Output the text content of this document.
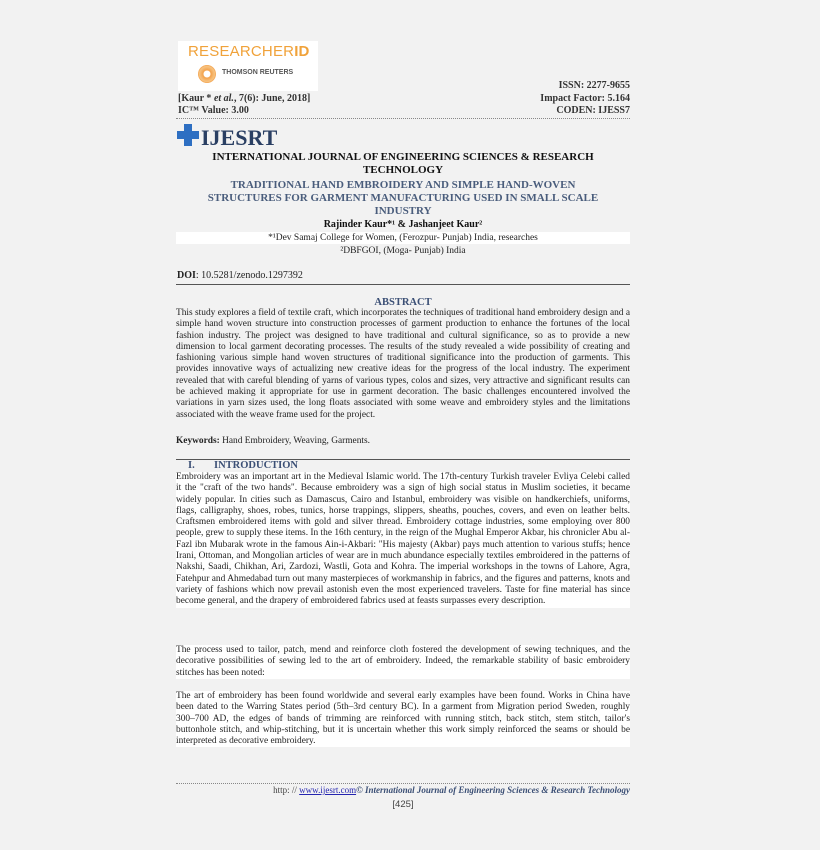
RESEARCHERID
THOMSON REUTERS
ISSN: 2277-9655
[Kaur * et al., 7(6): June, 2018]	Impact Factor: 5.164
IC™ Value: 3.00	CODEN: IJESS7
IJESRT
INTERNATIONAL JOURNAL OF ENGINEERING SCIENCES & RESEARCH
TECHNOLOGY
TRADITIONAL HAND EMBROIDERY AND SIMPLE HAND-WOVEN
STRUCTURES FOR GARMENT MANUFACTURING USED IN SMALL SCALE
INDUSTRY
Rajinder Kaur*¹ & Jashanjeet Kaur²
*¹Dev Samaj College for Women, (Ferozpur- Punjab) India, researches
²DBFGOI, (Moga- Punjab) India
DOI: 10.5281/zenodo.1297392
ABSTRACT
This study explores a field of textile craft, which incorporates the techniques of traditional hand embroidery design and a simple hand woven structure into construction processes of garment production to enhance the fortunes of the local fashion industry. The project was designed to have traditional and cultural significance, so as to provide a new dimension to local garment decorating processes. The results of the study revealed a wide possibility of creating and fashioning various simple hand woven structures of traditional significance into the production of garments. This provides innovative ways of actualizing new creative ideas for the progress of the local industry. The experiment revealed that with careful blending of yarns of various types, colos and sizes, very attractive and significant results can be achieved making it appropriate for use in garment decoration. The basic challenges encountered involved the variations in yarn sizes used, the long floats associated with some weave and embroidery styles and the limitations associated with the weave frame used for the project.
Keywords: Hand Embroidery, Weaving, Garments.
I. INTRODUCTION
Embroidery was an important art in the Medieval Islamic world. The 17th-century Turkish traveler Evliya Celebi called it the "craft of the two hands". Because embroidery was a sign of high social status in Muslim societies, it became widely popular. In cities such as Damascus, Cairo and Istanbul, embroidery was visible on handkerchiefs, uniforms, flags, calligraphy, shoes, robes, tunics, horse trappings, slippers, sheaths, pouches, covers, and even on leather belts. Craftsmen embroidered items with gold and silver thread. Embroidery cottage industries, some employing over 800 people, grew to supply these items. In the 16th century, in the reign of the Mughal Emperor Akbar, his chronicler Abu al-Fazl ibn Mubarak wrote in the famous Ain-i-Akbari: "His majesty (Akbar) pays much attention to various stuffs; hence Irani, Ottoman, and Mongolian articles of wear are in much abundance especially textiles embroidered in the patterns of Nakshi, Saadi, Chikhan, Ari, Zardozi, Wastli, Gota and Kohra. The imperial workshops in the towns of Lahore, Agra, Fatehpur and Ahmedabad turn out many masterpieces of workmanship in fabrics, and the figures and patterns, knots and variety of fashions which now prevail astonish even the most experienced travelers. Taste for fine material has since become general, and the drapery of embroidered fabrics used at feasts surpasses every description.
The process used to tailor, patch, mend and reinforce cloth fostered the development of sewing techniques, and the decorative possibilities of sewing led to the art of embroidery. Indeed, the remarkable stability of basic embroidery stitches has been noted:
The art of embroidery has been found worldwide and several early examples have been found. Works in China have been dated to the Warring States period (5th–3rd century BC). In a garment from Migration period Sweden, roughly 300–700 AD, the edges of bands of trimming are reinforced with running stitch, back stitch, stem stitch, tailor's buttonhole stitch, and whip-stitching, but it is uncertain whether this work simply reinforced the seams or should be interpreted as decorative embroidery.
http: // www.ijesrt.com© International Journal of Engineering Sciences & Research Technology
[425]
